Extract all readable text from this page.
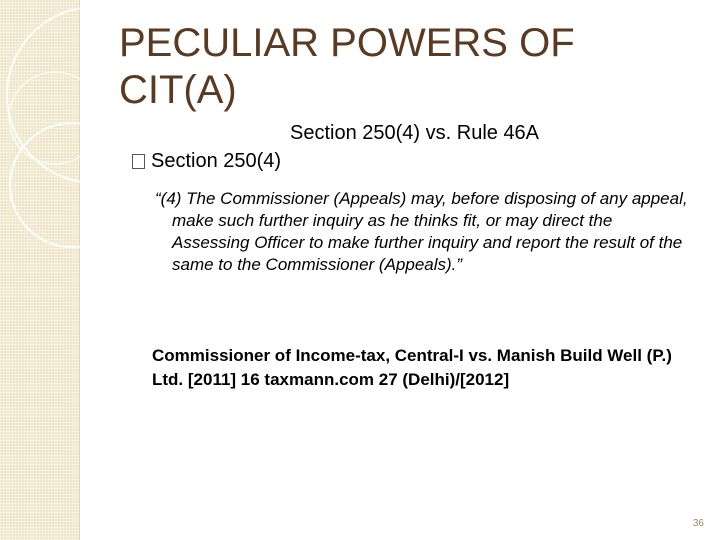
PECULIAR POWERS OF CIT(A)
Section 250(4) vs. Rule 46A
Section 250(4)
“(4) The Commissioner (Appeals) may, before disposing of any appeal, make such further inquiry as he thinks fit, or may direct the Assessing Officer to make further inquiry and report the result of the same to the Commissioner (Appeals).”
Commissioner of Income-tax, Central-I vs. Manish Build Well (P.) Ltd. [2011] 16 taxmann.com 27 (Delhi)/[2012]
36
